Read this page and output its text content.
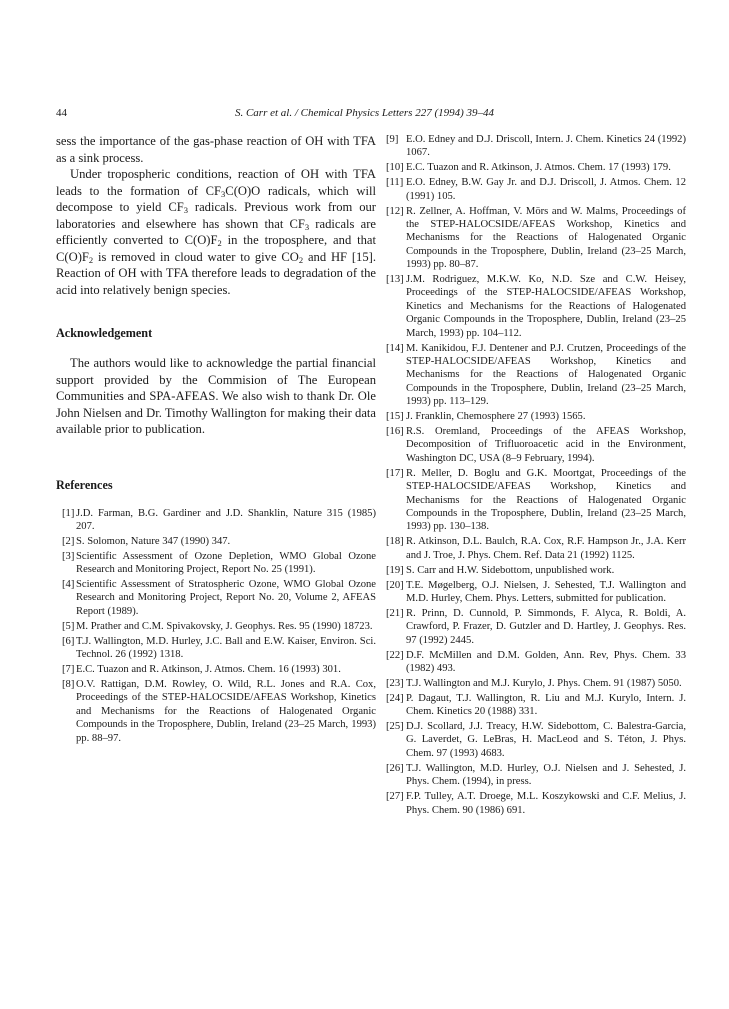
44	S. Carr et al. / Chemical Physics Letters 227 (1994) 39–44

sess the importance of the gas-phase reaction of OH with TFA as a sink process.

Under tropospheric conditions, reaction of OH with TFA leads to the formation of $CF_3C(O)O$ radicals, which will decompose to yield $CF_3$ radicals. Previous work from our laboratories and elsewhere has shown that $CF_3$ radicals are efficiently converted to $C(O)F_2$ in the troposphere, and that $C(O)F_2$ is removed in cloud water to give $CO_2$ and HF [15]. Reaction of OH with TFA therefore leads to degradation of the acid into relatively benign species.

Acknowledgement

The authors would like to acknowledge the partial financial support provided by the Commision of The European Communities and SPA-AFEAS. We also wish to thank Dr. Ole John Nielsen and Dr. Timothy Wallington for making their data available prior to publication.

References
[1] J.D. Farman, B.G. Gardiner and J.D. Shanklin, Nature 315 (1985) 207.
[2] S. Solomon, Nature 347 (1990) 347.
[3] Scientific Assessment of Ozone Depletion, WMO Global Ozone Research and Monitoring Project, Report No. 25 (1991).
[4] Scientific Assessment of Stratospheric Ozone, WMO Global Ozone Research and Monitoring Project, Report No. 20, Volume 2, AFEAS Report (1989).
[5] M. Prather and C.M. Spivakovsky, J. Geophys. Res. 95 (1990) 18723.
[6] T.J. Wallington, M.D. Hurley, J.C. Ball and E.W. Kaiser, Environ. Sci. Technol. 26 (1992) 1318.
[7] E.C. Tuazon and R. Atkinson, J. Atmos. Chem. 16 (1993) 301.
[8] O.V. Rattigan, D.M. Rowley, O. Wild, R.L. Jones and R.A. Cox, Proceedings of the STEP-HALOCSIDE/AFEAS Workshop, Kinetics and Mechanisms for the Reactions of Halogenated Organic Compounds in the Troposphere, Dublin, Ireland (23–25 March, 1993) pp. 88–97.
[9] E.O. Edney and D.J. Driscoll, Intern. J. Chem. Kinetics 24 (1992) 1067.
[10] E.C. Tuazon and R. Atkinson, J. Atmos. Chem. 17 (1993) 179.
[11] E.O. Edney, B.W. Gay Jr. and D.J. Driscoll, J. Atmos. Chem. 12 (1991) 105.
[12] R. Zellner, A. Hoffman, V. Mörs and W. Malms, Proceedings of the STEP-HALOCSIDE/AFEAS Workshop, Kinetics and Mechanisms for the Reactions of Halogenated Organic Compounds in the Troposphere, Dublin, Ireland (23–25 March, 1993) pp. 80–87.
[13] J.M. Rodriguez, M.K.W. Ko, N.D. Sze and C.W. Heisey, Proceedings of the STEP-HALOCSIDE/AFEAS Workshop, Kinetics and Mechanisms for the Reactions of Halogenated Organic Compounds in the Troposphere, Dublin, Ireland (23–25 March, 1993) pp. 104–112.
[14] M. Kanikidou, F.J. Dentener and P.J. Crutzen, Proceedings of the STEP-HALOCSIDE/AFEAS Workshop, Kinetics and Mechanisms for the Reactions of Halogenated Organic Compounds in the Troposphere, Dublin, Ireland (23–25 March, 1993) pp. 113–129.
[15] J. Franklin, Chemosphere 27 (1993) 1565.
[16] R.S. Oremland, Proceedings of the AFEAS Workshop, Decomposition of Trifluoroacetic acid in the Environment, Washington DC, USA (8–9 February, 1994).
[17] R. Meller, D. Boglu and G.K. Moortgat, Proceedings of the STEP-HALOCSIDE/AFEAS Workshop, Kinetics and Mechanisms for the Reactions of Halogenated Organic Compounds in the Troposphere, Dublin, Ireland (23–25 March, 1993) pp. 130–138.
[18] R. Atkinson, D.L. Baulch, R.A. Cox, R.F. Hampson Jr., J.A. Kerr and J. Troe, J. Phys. Chem. Ref. Data 21 (1992) 1125.
[19] S. Carr and H.W. Sidebottom, unpublished work.
[20] T.E. Møgelberg, O.J. Nielsen, J. Sehested, T.J. Wallington and M.D. Hurley, Chem. Phys. Letters, submitted for publication.
[21] R. Prinn, D. Cunnold, P. Simmonds, F. Alyca, R. Boldi, A. Crawford, P. Frazer, D. Gutzler and D. Hartley, J. Geophys. Res. 97 (1992) 2445.
[22] D.F. McMillen and D.M. Golden, Ann. Rev, Phys. Chem. 33 (1982) 493.
[23] T.J. Wallington and M.J. Kurylo, J. Phys. Chem. 91 (1987) 5050.
[24] P. Dagaut, T.J. Wallington, R. Liu and M.J. Kurylo, Intern. J. Chem. Kinetics 20 (1988) 331.
[25] D.J. Scollard, J.J. Treacy, H.W. Sidebottom, C. Balestra-Garcia, G. Laverdet, G. LeBras, H. MacLeod and S. Téton, J. Phys. Chem. 97 (1993) 4683.
[26] T.J. Wallington, M.D. Hurley, O.J. Nielsen and J. Sehested, J. Phys. Chem. (1994), in press.
[27] F.P. Tulley, A.T. Droege, M.L. Koszykowski and C.F. Melius, J. Phys. Chem. 90 (1986) 691.
